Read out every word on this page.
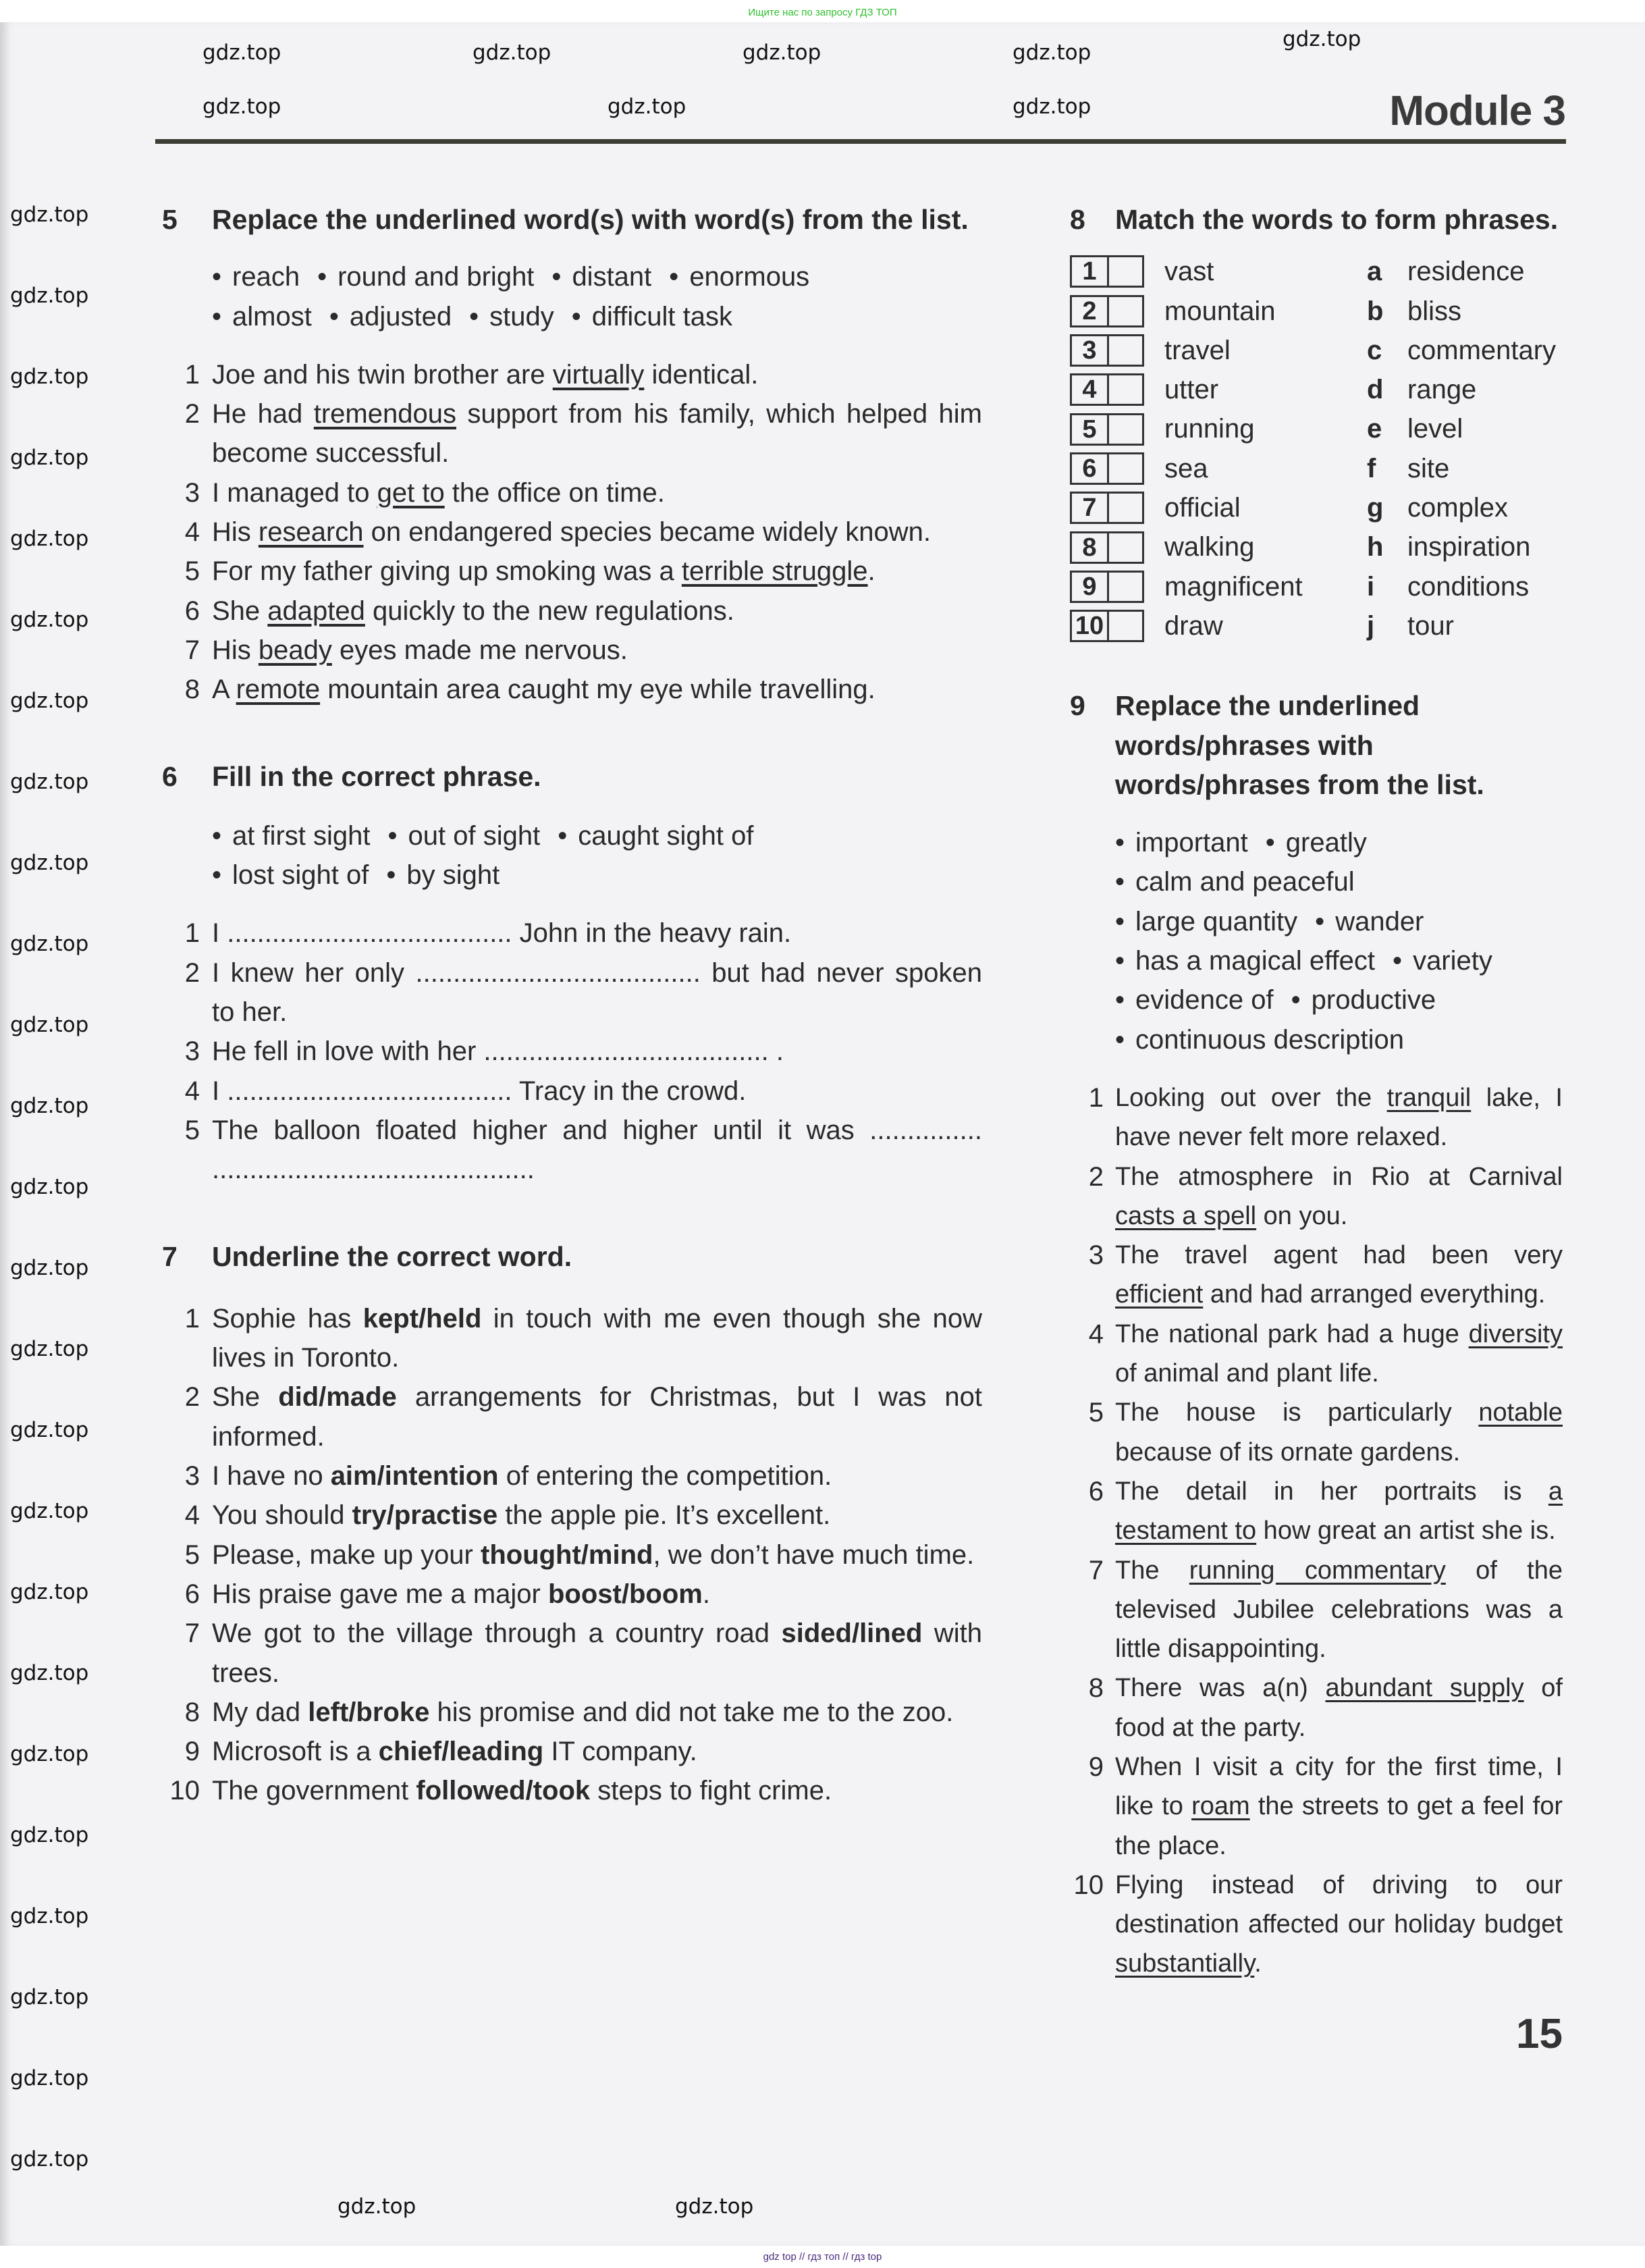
Ищите нас по запросу ГДЗ ТОП
Module 3
5	Replace the underlined word(s) with word(s) from the list.
• reach	• round and bright	• distant	• enormous
• almost	• adjusted	• study	• difficult task
1 Joe and his twin brother are virtually identical.
2 He had tremendous support from his family, which helped him become successful.
3 I managed to get to the office on time.
4 His research on endangered species became widely known.
5 For my father giving up smoking was a terrible struggle.
6 She adapted quickly to the new regulations.
7 His beady eyes made me nervous.
8 A remote mountain area caught my eye while travelling.
6	Fill in the correct phrase.
• at first sight	• out of sight	• caught sight of
• lost sight of	• by sight
1 I ...................................... John in the heavy rain.
2 I knew her only ...................................... but had never spoken to her.
3 He fell in love with her ...................................... .
4 I ...................................... Tracy in the crowd.
5 The balloon floated higher and higher until it was ............... ...........................................
7	Underline the correct word.
1 Sophie has kept/held in touch with me even though she now lives in Toronto.
2 She did/made arrangements for Christmas, but I was not informed.
3 I have no aim/intention of entering the competition.
4 You should try/practise the apple pie. It’s excellent.
5 Please, make up your thought/mind, we don’t have much time.
6 His praise gave me a major boost/boom.
7 We got to the village through a country road sided/lined with trees.
8 My dad left/broke his promise and did not take me to the zoo.
9 Microsoft is a chief/leading IT company.
10 The government followed/took steps to fight crime.
8	Match the words to form phrases.
1	vast	a residence
2	mountain	b bliss
3	travel	c commentary
4	utter	d range
5	running	e level
6	sea	f	site
7	official	g complex
8	walking	h inspiration
9	magnificent	i	conditions
10 draw	j	tour
9	Replace the underlined words/phrases with words/phrases from the list.
• important	• greatly
• calm and peaceful
• large quantity	• wander
• has a magical effect	• variety
• evidence of	• productive
• continuous description
1 Looking out over the tranquil lake, I have never felt more relaxed.
2 The atmosphere in Rio at Carnival casts a spell on you.
3 The travel agent had been very efficient and had arranged everything.
4 The national park had a huge diversity of animal and plant life.
5 The house is particularly notable because of its ornate gardens.
6 The detail in her portraits is a testament to how great an artist she is.
7 The running commentary of the televised Jubilee celebrations was a little disappointing.
8 There was a(n) abundant supply of food at the party.
9 When I visit a city for the first time, I like to roam the streets to get a feel for the place.
10 Flying instead of driving to our destination affected our holiday budget substantially.
15
gdz.top	gdz.top	gdz.top	gdz.top
gdz.top
gdz.top	gdz.top	gdz.top
gdz.top
gdz.top
gdz.top
gdz.top
gdz.top
gdz.top
gdz.top
gdz.top
gdz.top
gdz.top
gdz.top
gdz.top
gdz.top
gdz.top
gdz.top
gdz.top
gdz.top
gdz.top
gdz.top
gdz.top
gdz.top
gdz.top
gdz.top
gdz.top
gdz.top
gdz.top	gdz.top
gdz top // гдз топ // гдз top
